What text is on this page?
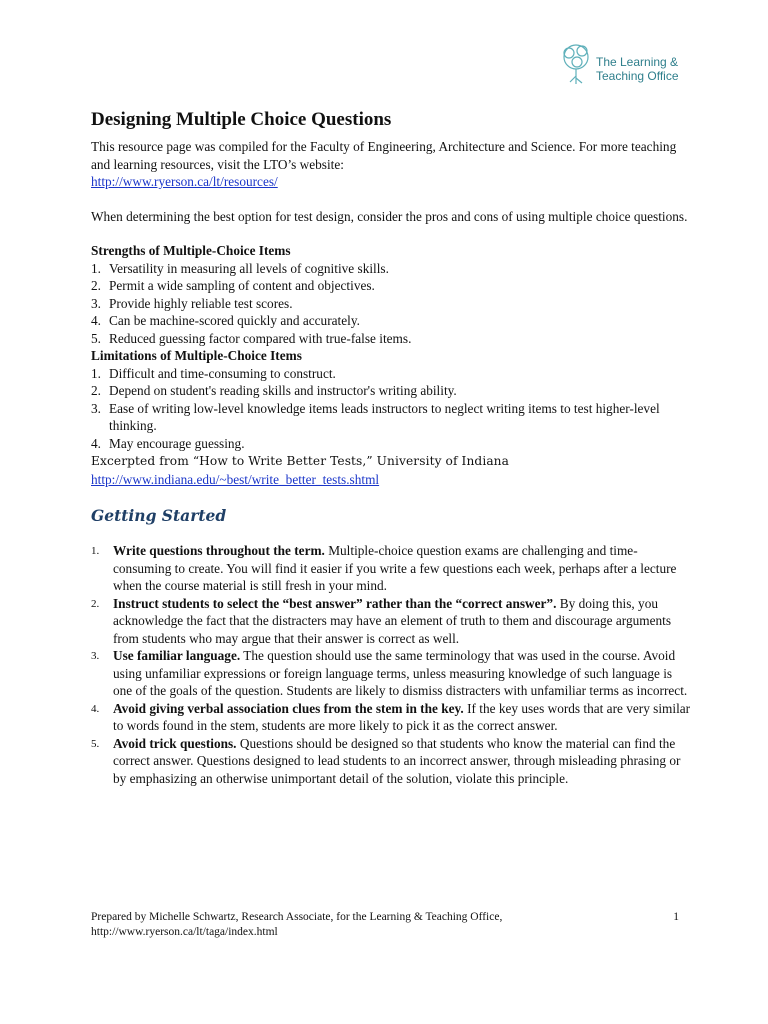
The Learning &
Teaching Office
Designing Multiple Choice Questions

This resource page was compiled for the Faculty of Engineering, Architecture and Science. For more teaching and learning resources, visit the LTO’s website:
http://www.ryerson.ca/lt/resources/

When determining the best option for test design, consider the pros and cons of using multiple choice questions.

Strengths of Multiple-Choice Items
1. Versatility in measuring all levels of cognitive skills.
2. Permit a wide sampling of content and objectives.
3. Provide highly reliable test scores.
4. Can be machine-scored quickly and accurately.
5. Reduced guessing factor compared with true-false items.
Limitations of Multiple-Choice Items
1. Difficult and time-consuming to construct.
2. Depend on student's reading skills and instructor's writing ability.
3. Ease of writing low-level knowledge items leads instructors to neglect writing items to test higher-level thinking.
4. May encourage guessing.

Excerpted from “How to Write Better Tests,” University of Indiana
http://www.indiana.edu/~best/write_better_tests.shtml

Getting Started
1. Write questions throughout the term. Multiple-choice question exams are challenging and time-consuming to create. You will find it easier if you write a few questions each week, perhaps after a lecture when the course material is still fresh in your mind.
2. Instruct students to select the “best answer” rather than the “correct answer”. By doing this, you acknowledge the fact that the distracters may have an element of truth to them and discourage arguments from students who may argue that their answer is correct as well.
3. Use familiar language. The question should use the same terminology that was used in the course. Avoid using unfamiliar expressions or foreign language terms, unless measuring knowledge of such language is one of the goals of the question. Students are likely to dismiss distracters with unfamiliar terms as incorrect.
4. Avoid giving verbal association clues from the stem in the key. If the key uses words that are very similar to words found in the stem, students are more likely to pick it as the correct answer.
5. Avoid trick questions. Questions should be designed so that students who know the material can find the correct answer. Questions designed to lead students to an incorrect answer, through misleading phrasing or by emphasizing an otherwise unimportant detail of the solution, violate this principle.
Prepared by Michelle Schwartz, Research Associate, for the Learning & Teaching Office,
http://www.ryerson.ca/lt/taga/index.html
1
